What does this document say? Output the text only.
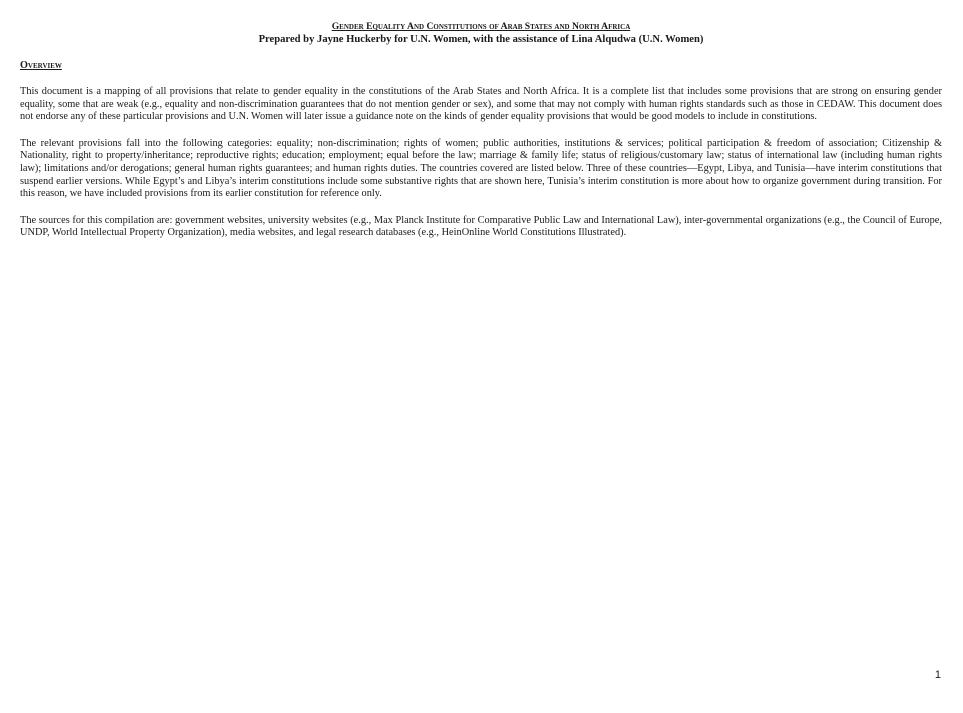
Gender Equality And Constitutions of Arab States and North Africa
Prepared by Jayne Huckerby for U.N. Women, with the assistance of Lina Alqudwa (U.N. Women)
Overview

This document is a mapping of all provisions that relate to gender equality in the constitutions of the Arab States and North Africa. It is a complete list that includes some provisions that are strong on ensuring gender equality, some that are weak (e.g., equality and non-discrimination guarantees that do not mention gender or sex), and some that may not comply with human rights standards such as those in CEDAW. This document does not endorse any of these particular provisions and U.N. Women will later issue a guidance note on the kinds of gender equality provisions that would be good models to include in constitutions.

The relevant provisions fall into the following categories: equality; non-discrimination; rights of women; public authorities, institutions & services; political participation & freedom of association; Citizenship & Nationality, right to property/inheritance; reproductive rights; education; employment; equal before the law; marriage & family life; status of religious/customary law; status of international law (including human rights law); limitations and/or derogations; general human rights guarantees; and human rights duties. The countries covered are listed below. Three of these countries—Egypt, Libya, and Tunisia—have interim constitutions that suspend earlier versions. While Egypt’s and Libya’s interim constitutions include some substantive rights that are shown here, Tunisia’s interim constitution is more about how to organize government during transition. For this reason, we have included provisions from its earlier constitution for reference only.

The sources for this compilation are: government websites, university websites (e.g., Max Planck Institute for Comparative Public Law and International Law), inter-governmental organizations (e.g., the Council of Europe, UNDP, World Intellectual Property Organization), media websites, and legal research databases (e.g., HeinOnline World Constitutions Illustrated).

1
